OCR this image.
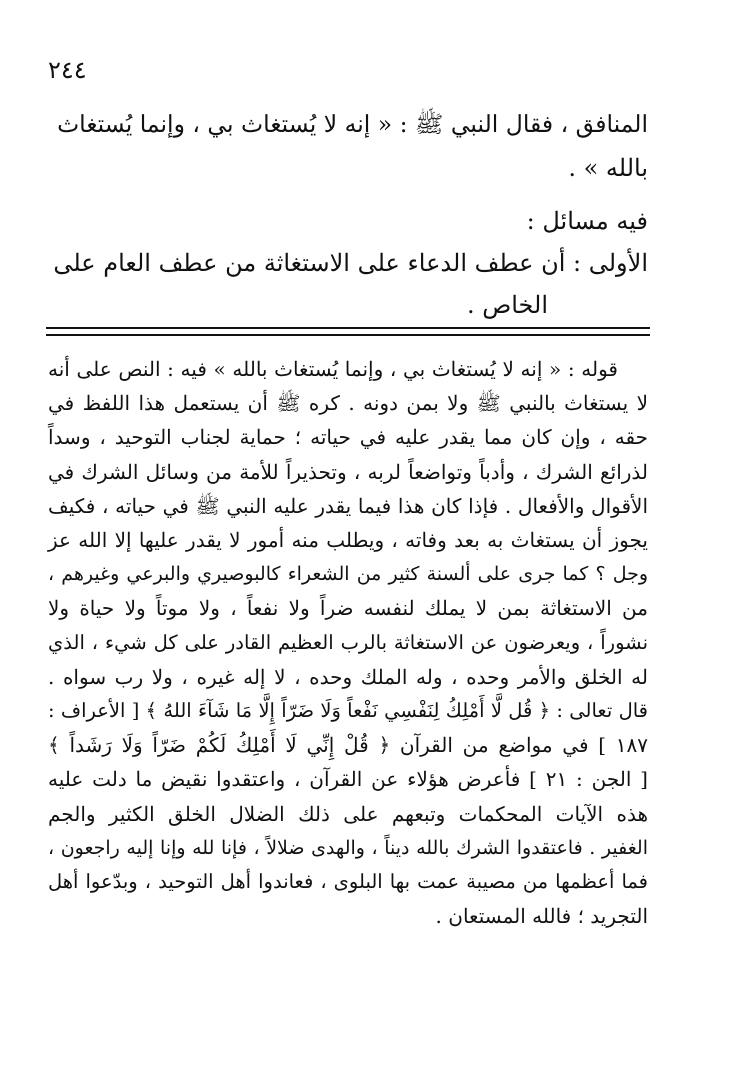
٢٤٤

المنافق ، فقال النبي ﷺ : « إنه لا يُستغاث بي ، وإنما يُستغاث

بالله » .

فيه مسائل :

الأولى : أن عطف الدعاء على الاستغاثة من عطف العام على
الخاص .

قوله : « إنه لا يُستغاث بي ، وإنما يُستغاث بالله » فيه : النص على أنه
لا يستغاث بالنبي ﷺ ولا بمن دونه . كره ﷺ أن يستعمل هذا اللفظ في
حقه ، وإن كان مما يقدر عليه في حياته ؛ حماية لجناب التوحيد ، وسداً
لذرائع الشرك ، وأدباً وتواضعاً لربه ، وتحذيراً للأمة من وسائل الشرك في
الأقوال والأفعال . فإذا كان هذا فيما يقدر عليه النبي ﷺ في حياته ، فكيف
يجوز أن يستغاث به بعد وفاته ، ويطلب منه أمور لا يقدر عليها إلا الله عز
وجل ؟ كما جرى على ألسنة كثير من الشعراء كالبوصيري والبرعي وغيرهم ،
من الاستغاثة بمن لا يملك لنفسه ضراً ولا نفعاً ، ولا موتاً ولا حياة ولا
نشوراً ، ويعرضون عن الاستغاثة بالرب العظيم القادر على كل شيء ، الذي
له الخلق والأمر وحده ، وله الملك وحده ، لا إله غيره ، ولا رب سواه .
قال تعالى : ﴿ قُل لَّا أَمْلِكُ لِنَفْسِي نَفْعاً وَلَا ضَرّاً إِلَّا مَا شَآءَ اللهُ ﴾ [ الأعراف :
١٨٧ ] في مواضع من القرآن ﴿ قُلْ إِنِّي لَا أَمْلِكُ لَكُمْ ضَرّاً وَلَا رَشَداً ﴾
[ الجن : ٢١ ] فأعرض هؤلاء عن القرآن ، واعتقدوا نقيض ما دلت عليه
هذه الآيات المحكمات وتبعهم على ذلك الضلال الخلق الكثير والجم
الغفير . فاعتقدوا الشرك بالله ديناً ، والهدى ضلالاً ، فإنا لله وإنا إليه راجعون ،
فما أعظمها من مصيبة عمت بها البلوى ، فعاندوا أهل التوحيد ، وبدّعوا أهل
التجريد ؛ فالله المستعان .
